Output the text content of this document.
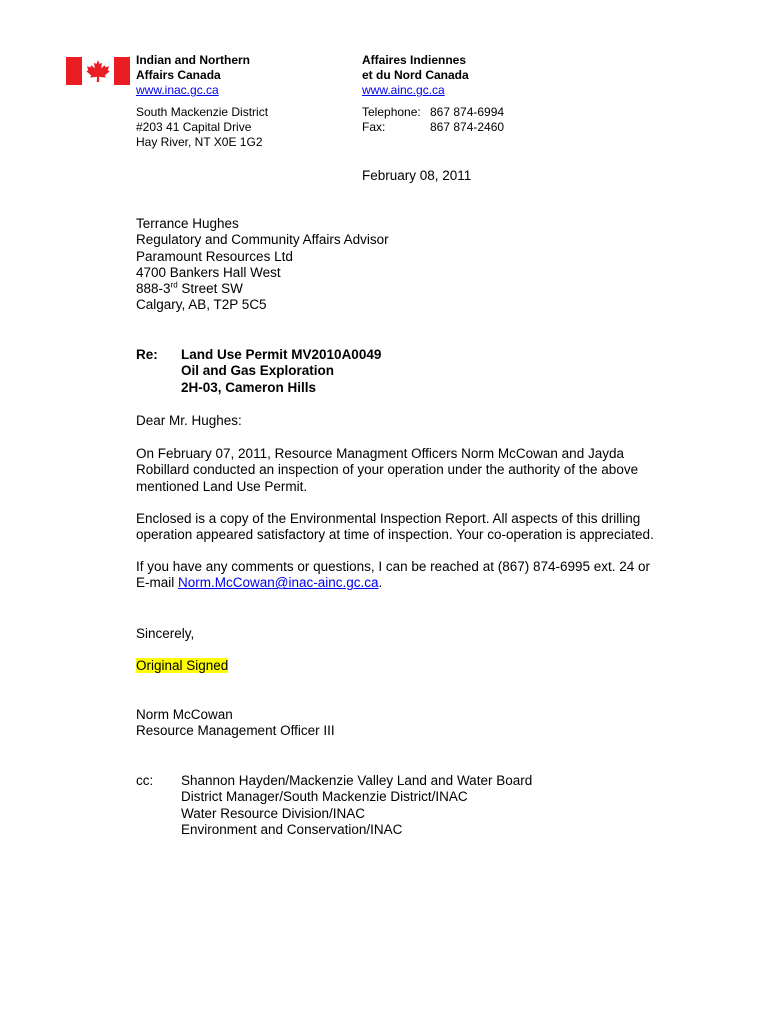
Indian and Northern
Affairs Canada
www.inac.gc.ca
Affaires Indiennes
et du Nord Canada
www.ainc.gc.ca
South Mackenzie District
#203 41 Capital Drive
Hay River, NT X0E 1G2
Telephone: 867 874-6994
Fax:	867 874-2460
February 08, 2011
Terrance Hughes
Regulatory and Community Affairs Advisor
Paramount Resources Ltd
4700 Bankers Hall West
888-3rd Street SW
Calgary, AB, T2P 5C5
Re: Land Use Permit MV2010A0049
Oil and Gas Exploration
2H-03, Cameron Hills
Dear Mr. Hughes:
On February 07, 2011, Resource Managment Officers Norm McCowan and Jayda
Robillard conducted an inspection of your operation under the authority of the above
mentioned Land Use Permit.
Enclosed is a copy of the Environmental Inspection Report. All aspects of this drilling
operation appeared satisfactory at time of inspection. Your co-operation is appreciated.
If you have any comments or questions, I can be reached at (867) 874-6995 ext. 24 or
E-mail Norm.McCowan@inac-ainc.gc.ca.
Sincerely,
Original Signed
Norm McCowan
Resource Management Officer III
cc: Shannon Hayden/Mackenzie Valley Land and Water Board
District Manager/South Mackenzie District/INAC
Water Resource Division/INAC
Environment and Conservation/INAC
